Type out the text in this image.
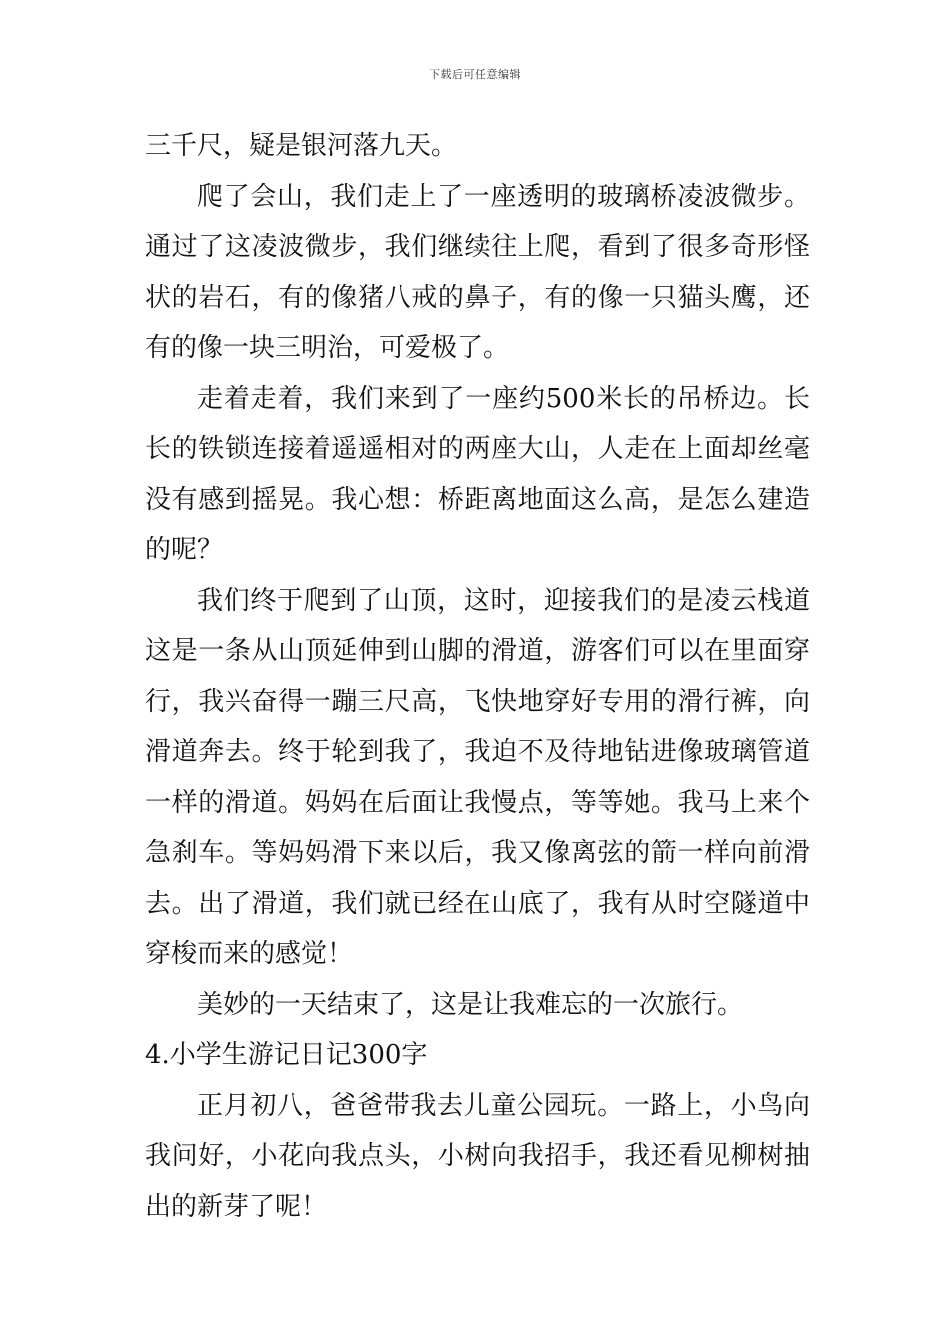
下载后可任意编辑

三千尺，疑是银河落九天。

爬了会山，我们走上了一座透明的玻璃桥凌波微步。通过了这凌波微步，我们继续往上爬，看到了很多奇形怪状的岩石，有的像猪八戒的鼻子，有的像一只猫头鹰，还有的像一块三明治，可爱极了。

走着走着，我们来到了一座约500米长的吊桥边。长长的铁锁连接着遥遥相对的两座大山，人走在上面却丝毫没有感到摇晃。我心想：桥距离地面这么高，是怎么建造的呢？

我们终于爬到了山顶，这时，迎接我们的是凌云栈道这是一条从山顶延伸到山脚的滑道，游客们可以在里面穿行，我兴奋得一蹦三尺高，飞快地穿好专用的滑行裤，向滑道奔去。终于轮到我了，我迫不及待地钻进像玻璃管道一样的滑道。妈妈在后面让我慢点，等等她。我马上来个急刹车。等妈妈滑下来以后，我又像离弦的箭一样向前滑去。出了滑道，我们就已经在山底了，我有从时空隧道中穿梭而来的感觉！

美妙的一天结束了，这是让我难忘的一次旅行。

4.小学生游记日记300字

正月初八，爸爸带我去儿童公园玩。一路上，小鸟向我问好，小花向我点头，小树向我招手，我还看见柳树抽出的新芽了呢！
